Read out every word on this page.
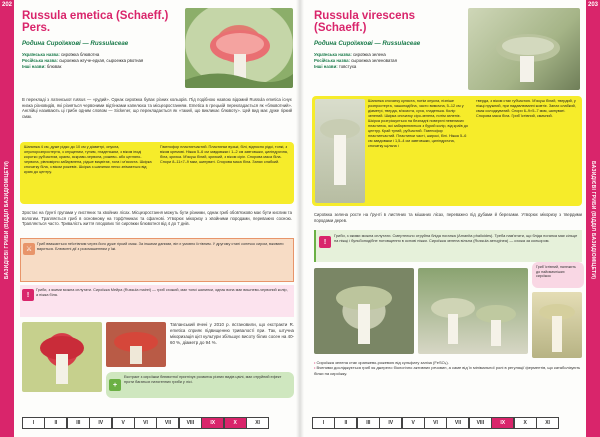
202
БАЗИДІЄВІ ГРИБИ (ВІДДІЛ БАЗИДІОМІЦЕТИ)
Russula emetica (Schaeff.)
Pers.
Родина Сироїжкові — Russulaceae
Українська назва: сироїжка блювотна
Російська назва: сыроежка жгуче-едкая, сыроежка рвотная
Інші назви: блювак
В перекладі з латинської russus — «рудий». Однак сироїжка буває різних кольорів. Під подібною назвою відомий Russula emetica існує низка різновидів, які різняться червоними відтінками капелюха та місцезростанням. Emetica в грецькій перекладається як «блювотний». Англійці називають ці грибн одним словом — Sickener, що перекладається як «такий, що викликає блювоту». Цей вид має дуже гіркий смак.
Шапинка 4 см, дуже рідко до 10 см у діаметрі, опукла, опуклорозпростерта, з опущеним, тупим, гладеньким, з віком іноді коротко рубчастим, краєм, яскраво-червона, рожево- або цегляно-червона, рівномірно забарвлена, рідше вицвітає, гола і м'ясиста. Шкірка спочатку біла, з віком рожевіє. Шкірка з шапинки легко знімається від краю до центру.
Гіменофор пластинчастий. Пластинки вузькі, білі, відносно рідкі, тонкі, з віком кремові. Ніжка 5–6 см завдовжки і 1–2 см завтовшки, циліндрична, біла, крихка. М'якуш білий, крихкий, з віком сіріє. Спорова маса біла. Спори 8–11×7–9 мкм, шипуваті. Спорова маса біла. Запах слабкий.
Зростає на ґрунті групами у листяних та хвойних лісах. Місцезростання можуть бути різними, однак гриб обов'язково має бути кислим та вологим. Трапляється гриб в основному на торф'яниках та сфагнові. Утворює мікоризу з хвойними породами, переважно сосною. Трапляється часто. Тривалість життя плодових тіл сироїжки блювотної від 4 до 7 днів.
⚔
Гриб вважається неїстівним через його дуже гіркий смак. За іншими даними, він є умовно їстівним. У другому стані сонечко сиром, вживати вариться. Блювотні дії з розсмашенням у їжі.
!
Гриби, з якими можна сплутати. Сироїжка Мейра (Russula mairei) — гриб схожий, має тонкі шапинки, однак вона має вишнево-червоний колір, а ніжка біла.
Таїланський вчені у 2010 р. встановили, що екстракти R. emetica сприяє підвищенню тривалості при. Так, штучна мікоризація цієї культури збільшує висоту білих сосен на 40-60 %, діаметр до 94 %.
+
Екстракт з сироїжки блювотної пригнічує розвиток різних видів цвілі, має отруйний ефект проти багатьох патогенних гриби у лісі.
I	II	III	IV	V	VI	VII	VIII	IX	X	XI
203
БАЗИДІЄВІ ГРИБИ (ВІДДІЛ БАЗИДІОМІЦЕТИ)
Russula virescens
(Schaeff.)
Родина Сироїжкові — Russulaceae
Українська назва: сироїжка зелена
Російська назва: сыроежка зеленоватая
Інші назви: товстуха
Шапинка спочатку куляста, потім опукла, пізніше розпростерта, чашоподібна, часто вимочна, 5–12 см у діаметрі, тверда, м'ясиста, суха, гладенька. Колір зелений. Шкірка спочатку сіро-зелена, потім зеленіє. Шкірка розтріскується на безладні поверхні невеликих пластинок, які забарвлюються з бурий колір, від країв до центру. Край тупий, рубчастий. Гіменофор пластинчастий. Пластинки часті, широкі, білі. Ніжка 5–6 см завдовжки і 1,5–4 см завтовшки, циліндрична, спочатку щільна і
тверда, з віком стає губчастою. М'якуш білий, твердий, у ніжці пружний, при надавлюванні жовтіє. Запах слабкий, смак солодкуватий. Спори 6–9×5–7 мкм, шипуваті. Спорова маса біла. Гриб їстівний, смачний.
Сироїжка зелена росте на ґрунті в листяних та мішаних лісах, переважно під дубами й березами. Утворює мікоризу з твердими породами дерев.
!
Гриби, з якими можна сплутати. Смертельно отруйна бліда поганка (Amanita phalloides). Треба пам'ятати, що бліда поганка має кільце на ніжці і бульбоподібне потовщення в основі ніжки. Сироїжка зелена вільна (Russula aeruginea) — схожа за кольором.
Гриб їстівний, належить до найсмачніших сироїжок
• Сироїжка зелена стає оранжево-рожевою від сульфату заліза (FeSO₄).
• Вченими досліджується гриб як джерело біологічно активних речовин, а саме від їх мінімальної ролі в регуляції ферментів, що катаболізують білки на сироїжку.
I	II	III	IV	V	VI	VII	VIII	IX	X	XI
